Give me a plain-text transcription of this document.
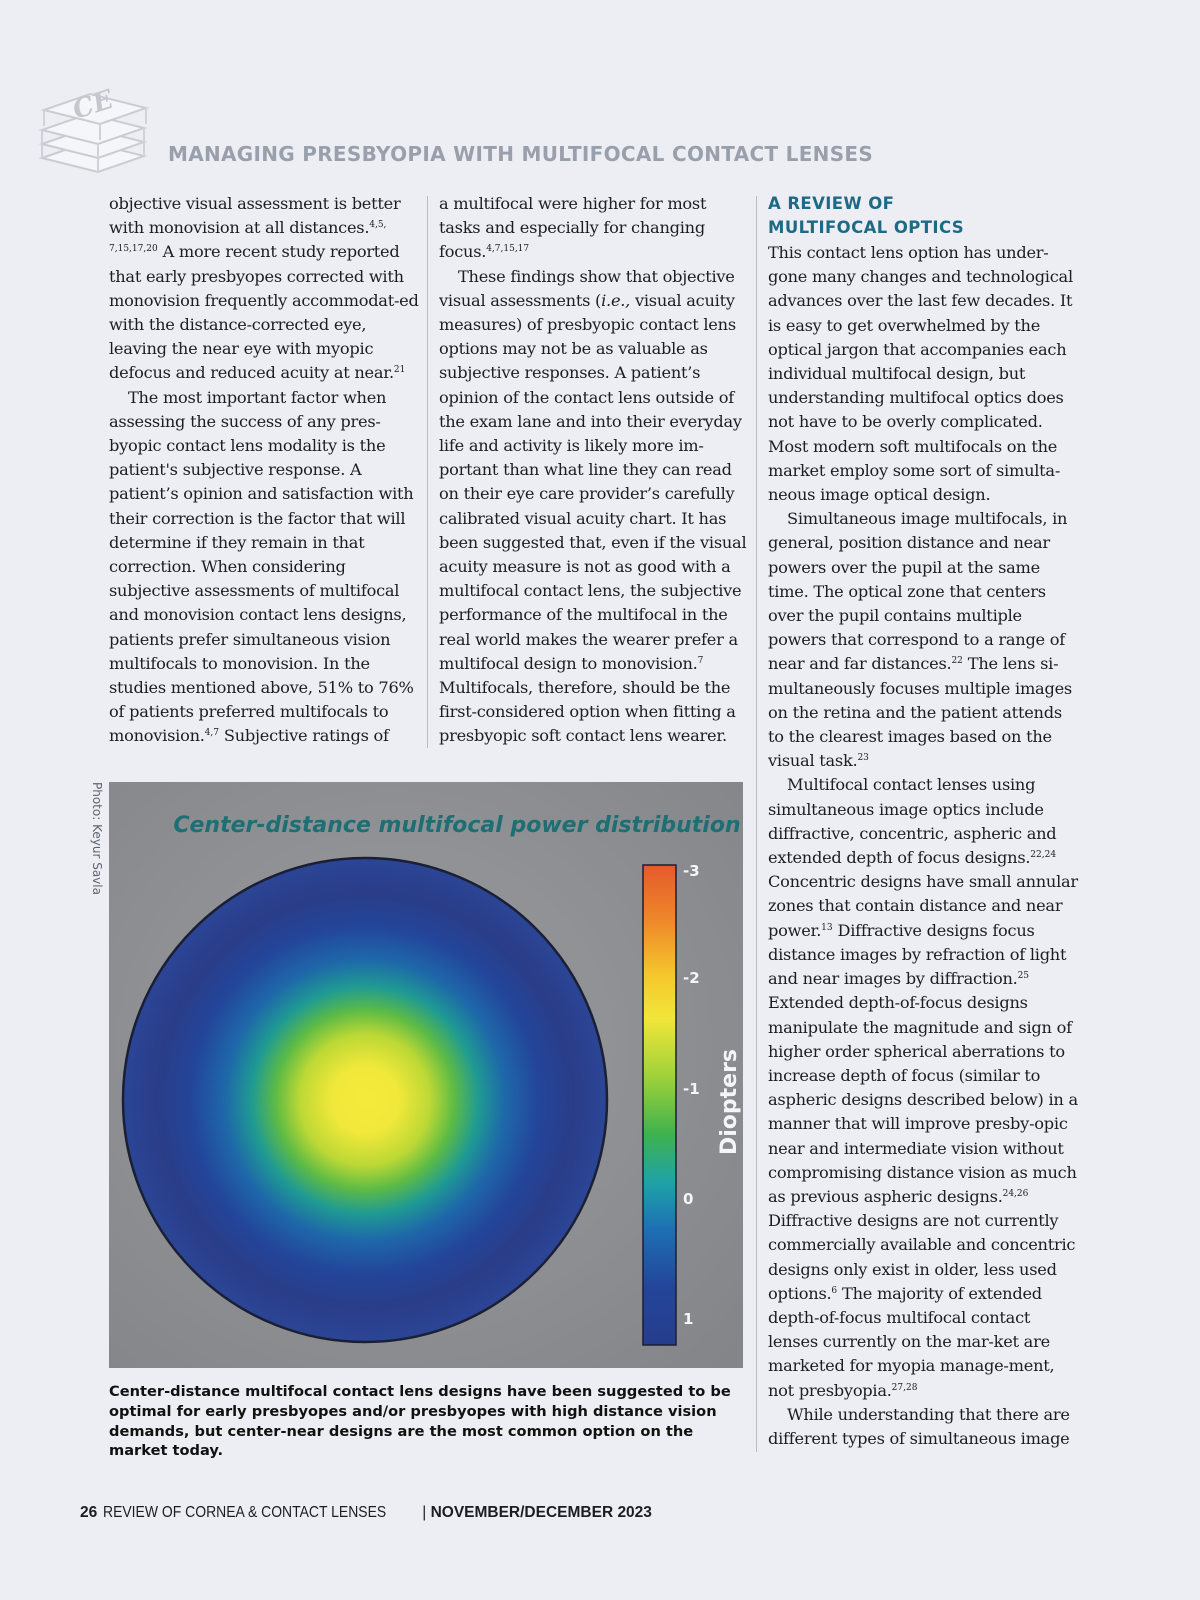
CE
MANAGING PRESBYOPIA WITH MULTIFOCAL CONTACT LENSES

objective visual assessment is better with monovision at all distances.$^{4,5, 7,15,17,20}$ A more recent study reported that early presbyopes corrected with monovision frequently accommodat-ed with the distance-corrected eye, leaving the near eye with myopic defocus and reduced acuity at near.$^{21}$

The most important factor when assessing the success of any pres-byopic contact lens modality is the patient's subjective response. A patient’s opinion and satisfaction with their correction is the factor that will determine if they remain in that correction. When considering subjective assessments of multifocal and monovision contact lens designs, patients prefer simultaneous vision multifocals to monovision. In the studies mentioned above, 51% to 76% of patients preferred multifocals to monovision.$^{4,7}$ Subjective ratings of

a multifocal were higher for most tasks and especially for changing focus.$^{4,7,15,17}$

These findings show that objective visual assessments (i.e., visual acuity measures) of presbyopic contact lens options may not be as valuable as subjective responses. A patient’s opinion of the contact lens outside of the exam lane and into their everyday life and activity is likely more im-portant than what line they can read on their eye care provider’s carefully calibrated visual acuity chart. It has been suggested that, even if the visual acuity measure is not as good with a multifocal contact lens, the subjective performance of the multifocal in the real world makes the wearer prefer a multifocal design to monovision.$^7$ Multifocals, therefore, should be the first-considered option when fitting a presbyopic soft contact lens wearer.

A REVIEW OF
MULTIFOCAL OPTICS

This contact lens option has under-gone many changes and technological advances over the last few decades. It is easy to get overwhelmed by the optical jargon that accompanies each individual multifocal design, but understanding multifocal optics does not have to be overly complicated. Most modern soft multifocals on the market employ some sort of simulta-neous image optical design.

Simultaneous image multifocals, in general, position distance and near powers over the pupil at the same time. The optical zone that centers over the pupil contains multiple powers that correspond to a range of near and far distances.$^{22}$ The lens si-multaneously focuses multiple images on the retina and the patient attends to the clearest images based on the visual task.$^{23}$

Multifocal contact lenses using simultaneous image optics include diffractive, concentric, aspheric and extended depth of focus designs.$^{22,24}$ Concentric designs have small annular zones that contain distance and near power.$^{13}$ Diffractive designs focus distance images by refraction of light and near images by diffraction.$^{25}$ Extended depth-of-focus designs manipulate the magnitude and sign of higher order spherical aberrations to increase depth of focus (similar to aspheric designs described below) in a manner that will improve presby-opic near and intermediate vision without compromising distance vision as much as previous aspheric designs.$^{24,26}$ Diffractive designs are not currently commercially available and concentric designs only exist in older, less used options.$^6$ The majority of extended depth-of-focus multifocal contact lenses currently on the mar-ket are marketed for myopia manage-ment, not presbyopia.$^{27,28}$

While understanding that there are different types of simultaneous image

Photo: Keyur Savla	Center-distance multifocal power distribution
-3
-2
-1
0
1
Diopters

Center-distance multifocal contact lens designs have been suggested to be optimal for early presbyopes and/or presbyopes with high distance vision demands, but center-near designs are the most common option on the market today.

26 REVIEW OF CORNEA & CONTACT LENSES | NOVEMBER/DECEMBER 2023
